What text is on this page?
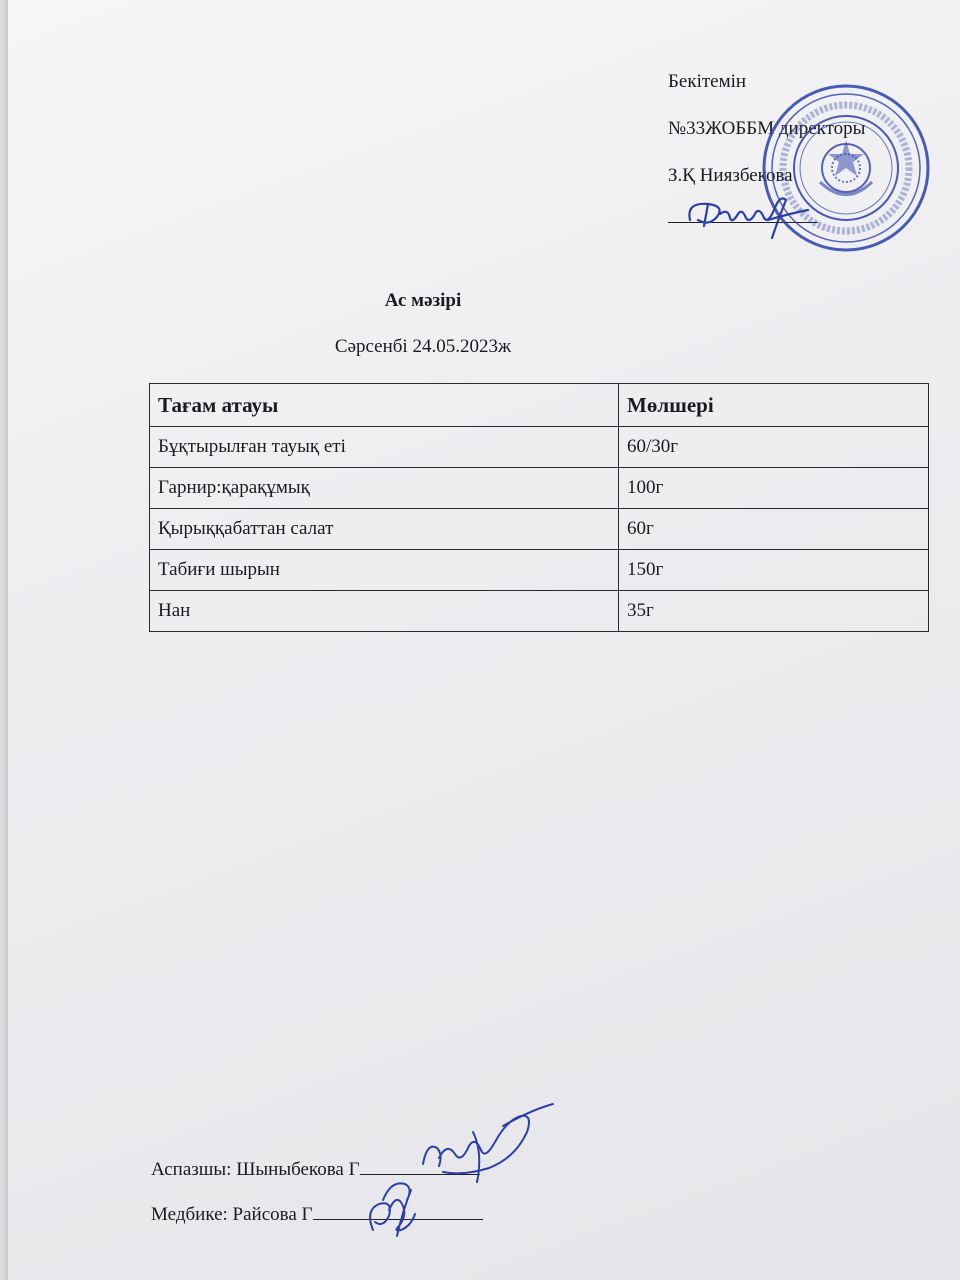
Бекітемін
№33ЖОББМ директоры
З.Қ Ниязбекова
Ас мәзірі
Сәрсенбі 24.05.2023ж
Тағам атауы	Мөлшері
Бұқтырылған тауық еті	60/30г
Гарнир:қарақұмық	100г
Қырыққабаттан салат	60г
Табиғи шырын	150г
Нан	35г
Аспазшы: Шыныбекова Г
Медбике: Райсова Г
